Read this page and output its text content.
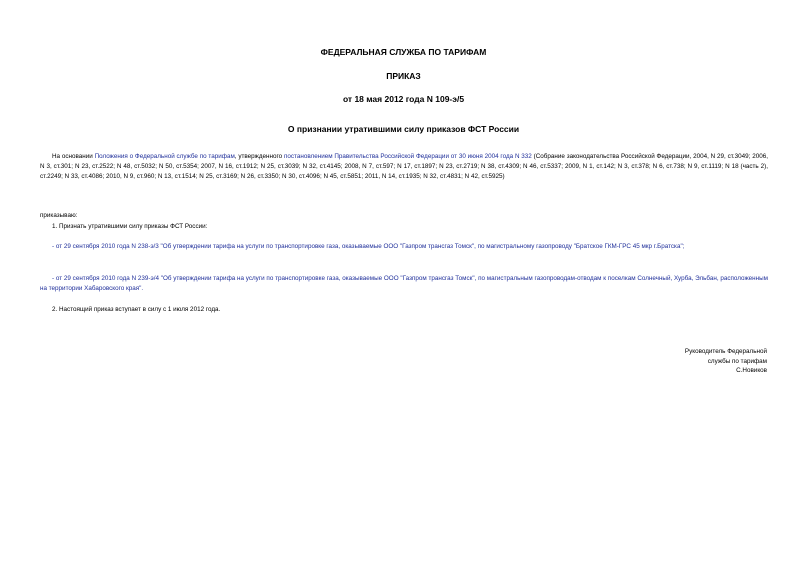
ФЕДЕРАЛЬНАЯ СЛУЖБА ПО ТАРИФАМ
ПРИКАЗ
от 18 мая 2012 года N 109-э/5
О признании утратившими силу приказов ФСТ России
На основании Положения о Федеральной службе по тарифам, утвержденного постановлением Правительства Российской Федерации от 30 июня 2004 года N 332 (Собрание законодательства Российской Федерации, 2004, N 29, ст.3049; 2006, N 3, ст.301; N 23, ст.2522; N 48, ст.5032; N 50, ст.5354; 2007, N 16, ст.1912; N 25, ст.3039; N 32, ст.4145; 2008, N 7, ст.597; N 17, ст.1897; N 23, ст.2719; N 38, ст.4309; N 46, ст.5337; 2009, N 1, ст.142; N 3, ст.378; N 6, ст.738; N 9, ст.1119; N 18 (часть 2), ст.2249; N 33, ст.4086; 2010, N 9, ст.960; N 13, ст.1514; N 25, ст.3169; N 26, ст.3350; N 30, ст.4096; N 45, ст.5851; 2011, N 14, ст.1935; N 32, ст.4831; N 42, ст.5925)
приказываю:
1. Признать утратившими силу приказы ФСТ России:
- от 29 сентября 2010 года N 238-э/3 "Об утверждении тарифа на услуги по транспортировке газа, оказываемые ООО "Газпром трансгаз Томск", по магистральному газопроводу "Братское ГКМ-ГРС 45 мкр г.Братска";
- от 29 сентября 2010 года N 239-э/4 "Об утверждении тарифа на услуги по транспортировке газа, оказываемые ООО "Газпром трансгаз Томск", по магистральным газопроводам-отводам к поселкам Солнечный, Хурба, Эльбан, расположенным на территории Хабаровского края".
2. Настоящий приказ вступает в силу с 1 июля 2012 года.
Руководитель Федеральной
службы по тарифам
С.Новиков
